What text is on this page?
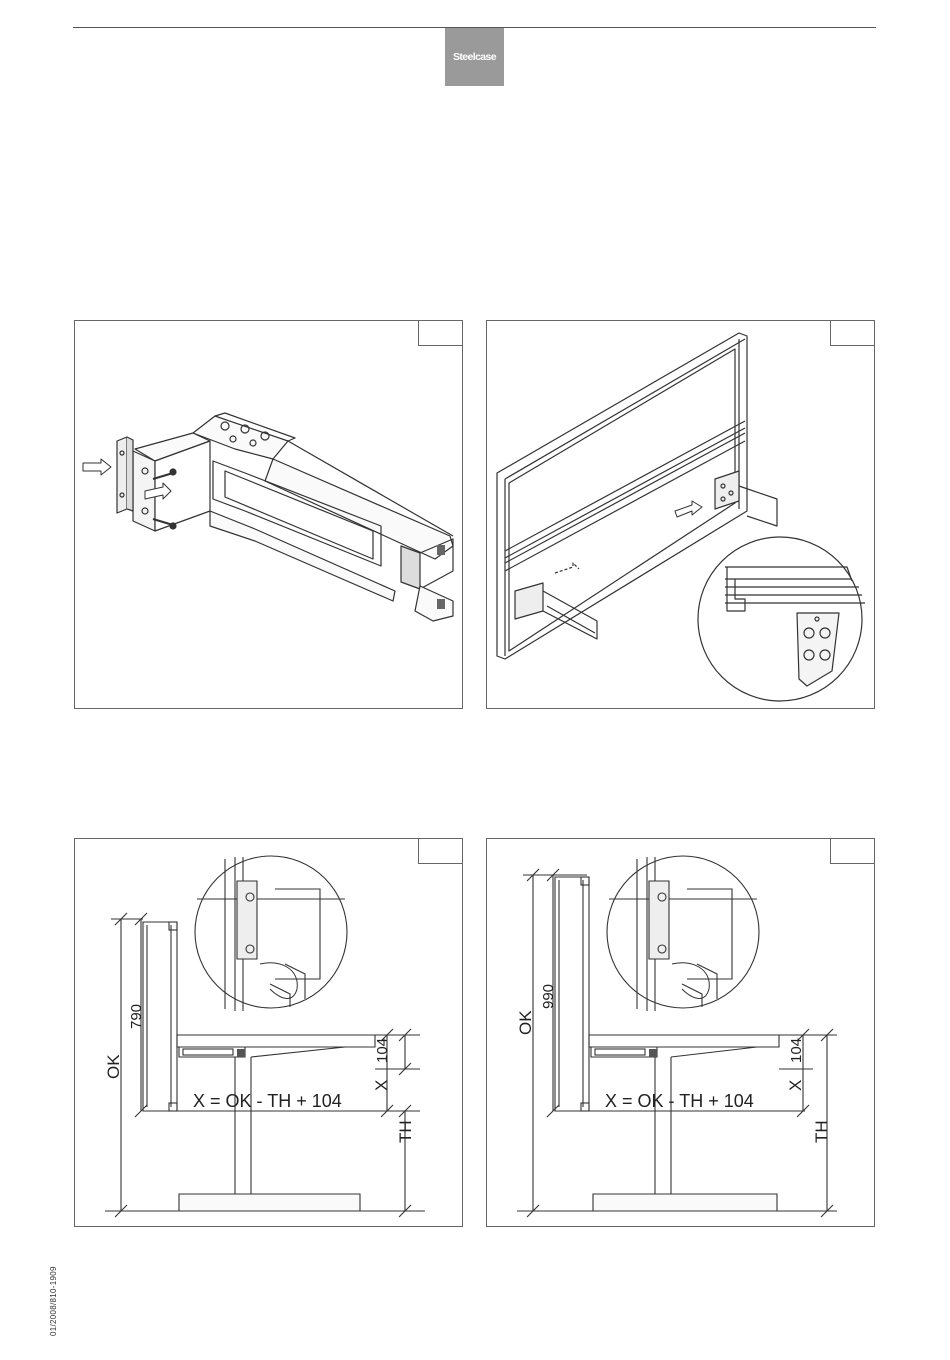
Steelcase
OK
790
104
X
TH
X = OK - TH + 104
OK
990
104
X
TH
X = OK - TH + 104
01/2008/810-1909
